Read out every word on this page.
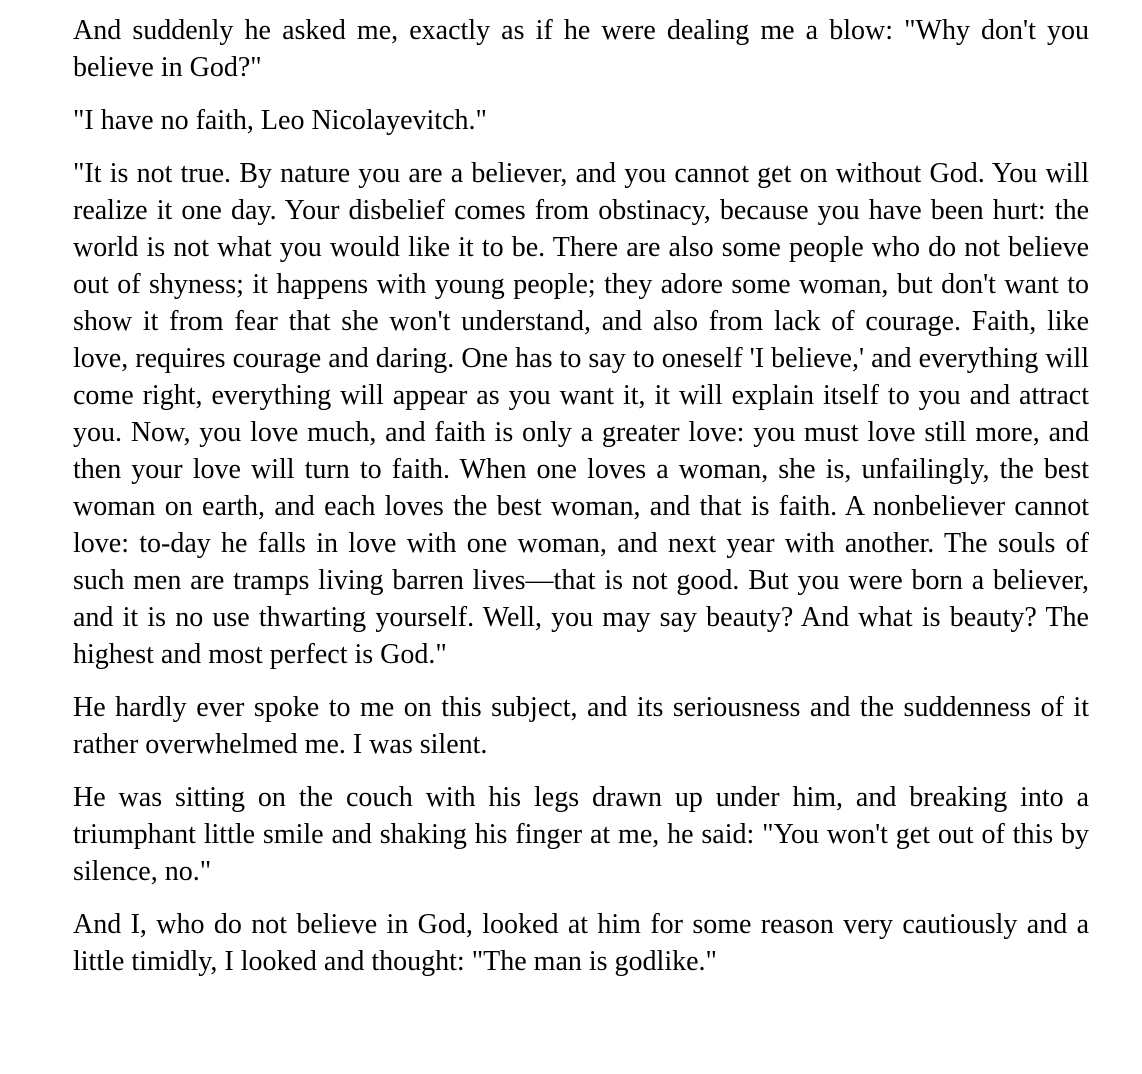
And suddenly he asked me, exactly as if he were dealing me a blow: "Why don't you believe in God?"

"I have no faith, Leo Nicolayevitch."

"It is not true. By nature you are a believer, and you cannot get on without God. You will realize it one day. Your disbelief comes from obstinacy, because you have been hurt: the world is not what you would like it to be. There are also some people who do not believe out of shyness; it happens with young people; they adore some woman, but don't want to show it from fear that she won't understand, and also from lack of courage. Faith, like love, requires courage and daring. One has to say to oneself 'I believe,' and everything will come right, everything will appear as you want it, it will explain itself to you and attract you. Now, you love much, and faith is only a greater love: you must love still more, and then your love will turn to faith. When one loves a woman, she is, unfailingly, the best woman on earth, and each loves the best woman, and that is faith. A nonbeliever cannot love: to-day he falls in love with one woman, and next year with another. The souls of such men are tramps living barren lives—that is not good. But you were born a believer, and it is no use thwarting yourself. Well, you may say beauty? And what is beauty? The highest and most perfect is God."

He hardly ever spoke to me on this subject, and its seriousness and the suddenness of it rather overwhelmed me. I was silent.

He was sitting on the couch with his legs drawn up under him, and breaking into a triumphant little smile and shaking his finger at me, he said: "You won't get out of this by silence, no."

And I, who do not believe in God, looked at him for some reason very cautiously and a little timidly, I looked and thought: "The man is godlike."
